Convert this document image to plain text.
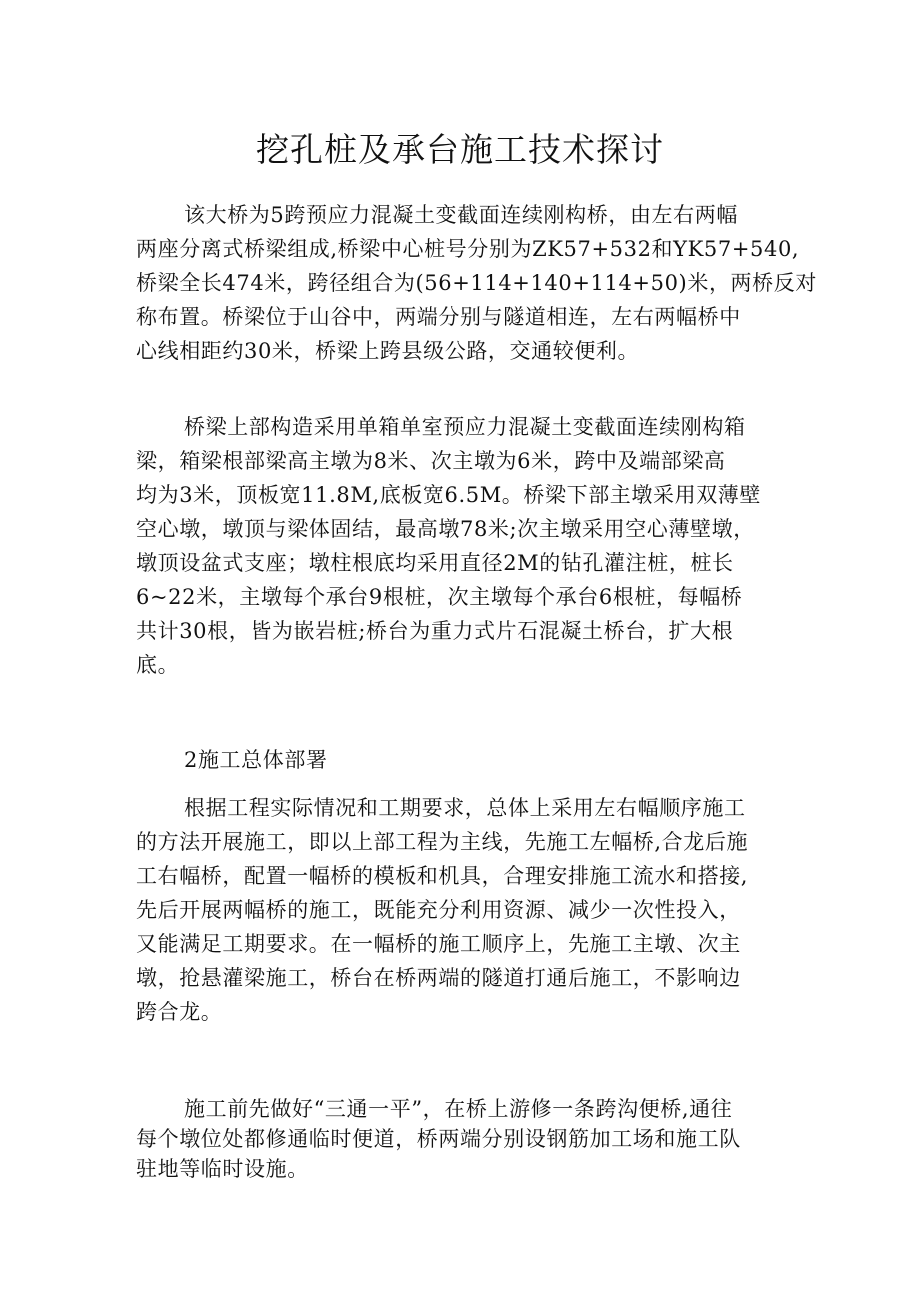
挖孔桩及承台施工技术探讨

该大桥为5跨预应力混凝土变截面连续刚构桥，由左右两幅
两座分离式桥梁组成,桥梁中心桩号分别为ZK57+532和YK57+540,
桥梁全长474米，跨径组合为(56+114+140+114+50)米，两桥反对
称布置。桥梁位于山谷中，两端分别与隧道相连，左右两幅桥中
心线相距约30米，桥梁上跨县级公路，交通较便利。

桥梁上部构造采用单箱单室预应力混凝土变截面连续刚构箱
梁，箱梁根部梁高主墩为8米、次主墩为6米，跨中及端部梁高
均为3米，顶板宽11.8M,底板宽6.5M。桥梁下部主墩采用双薄壁
空心墩，墩顶与梁体固结，最高墩78米;次主墩采用空心薄壁墩，
墩顶设盆式支座；墩柱根底均采用直径2M的钻孔灌注桩，桩长
6~22米，主墩每个承台9根桩，次主墩每个承台6根桩，每幅桥
共计30根，皆为嵌岩桩;桥台为重力式片石混凝土桥台，扩大根
底。

2施工总体部署

根据工程实际情况和工期要求，总体上采用左右幅顺序施工
的方法开展施工，即以上部工程为主线，先施工左幅桥,合龙后施
工右幅桥，配置一幅桥的模板和机具，合理安排施工流水和搭接,
先后开展两幅桥的施工，既能充分利用资源、减少一次性投入，
又能满足工期要求。在一幅桥的施工顺序上，先施工主墩、次主
墩，抢悬灌梁施工，桥台在桥两端的隧道打通后施工，不影响边
跨合龙。

施工前先做好“三通一平”，在桥上游修一条跨沟便桥,通往
每个墩位处都修通临时便道，桥两端分别设钢筋加工场和施工队
驻地等临时设施。
